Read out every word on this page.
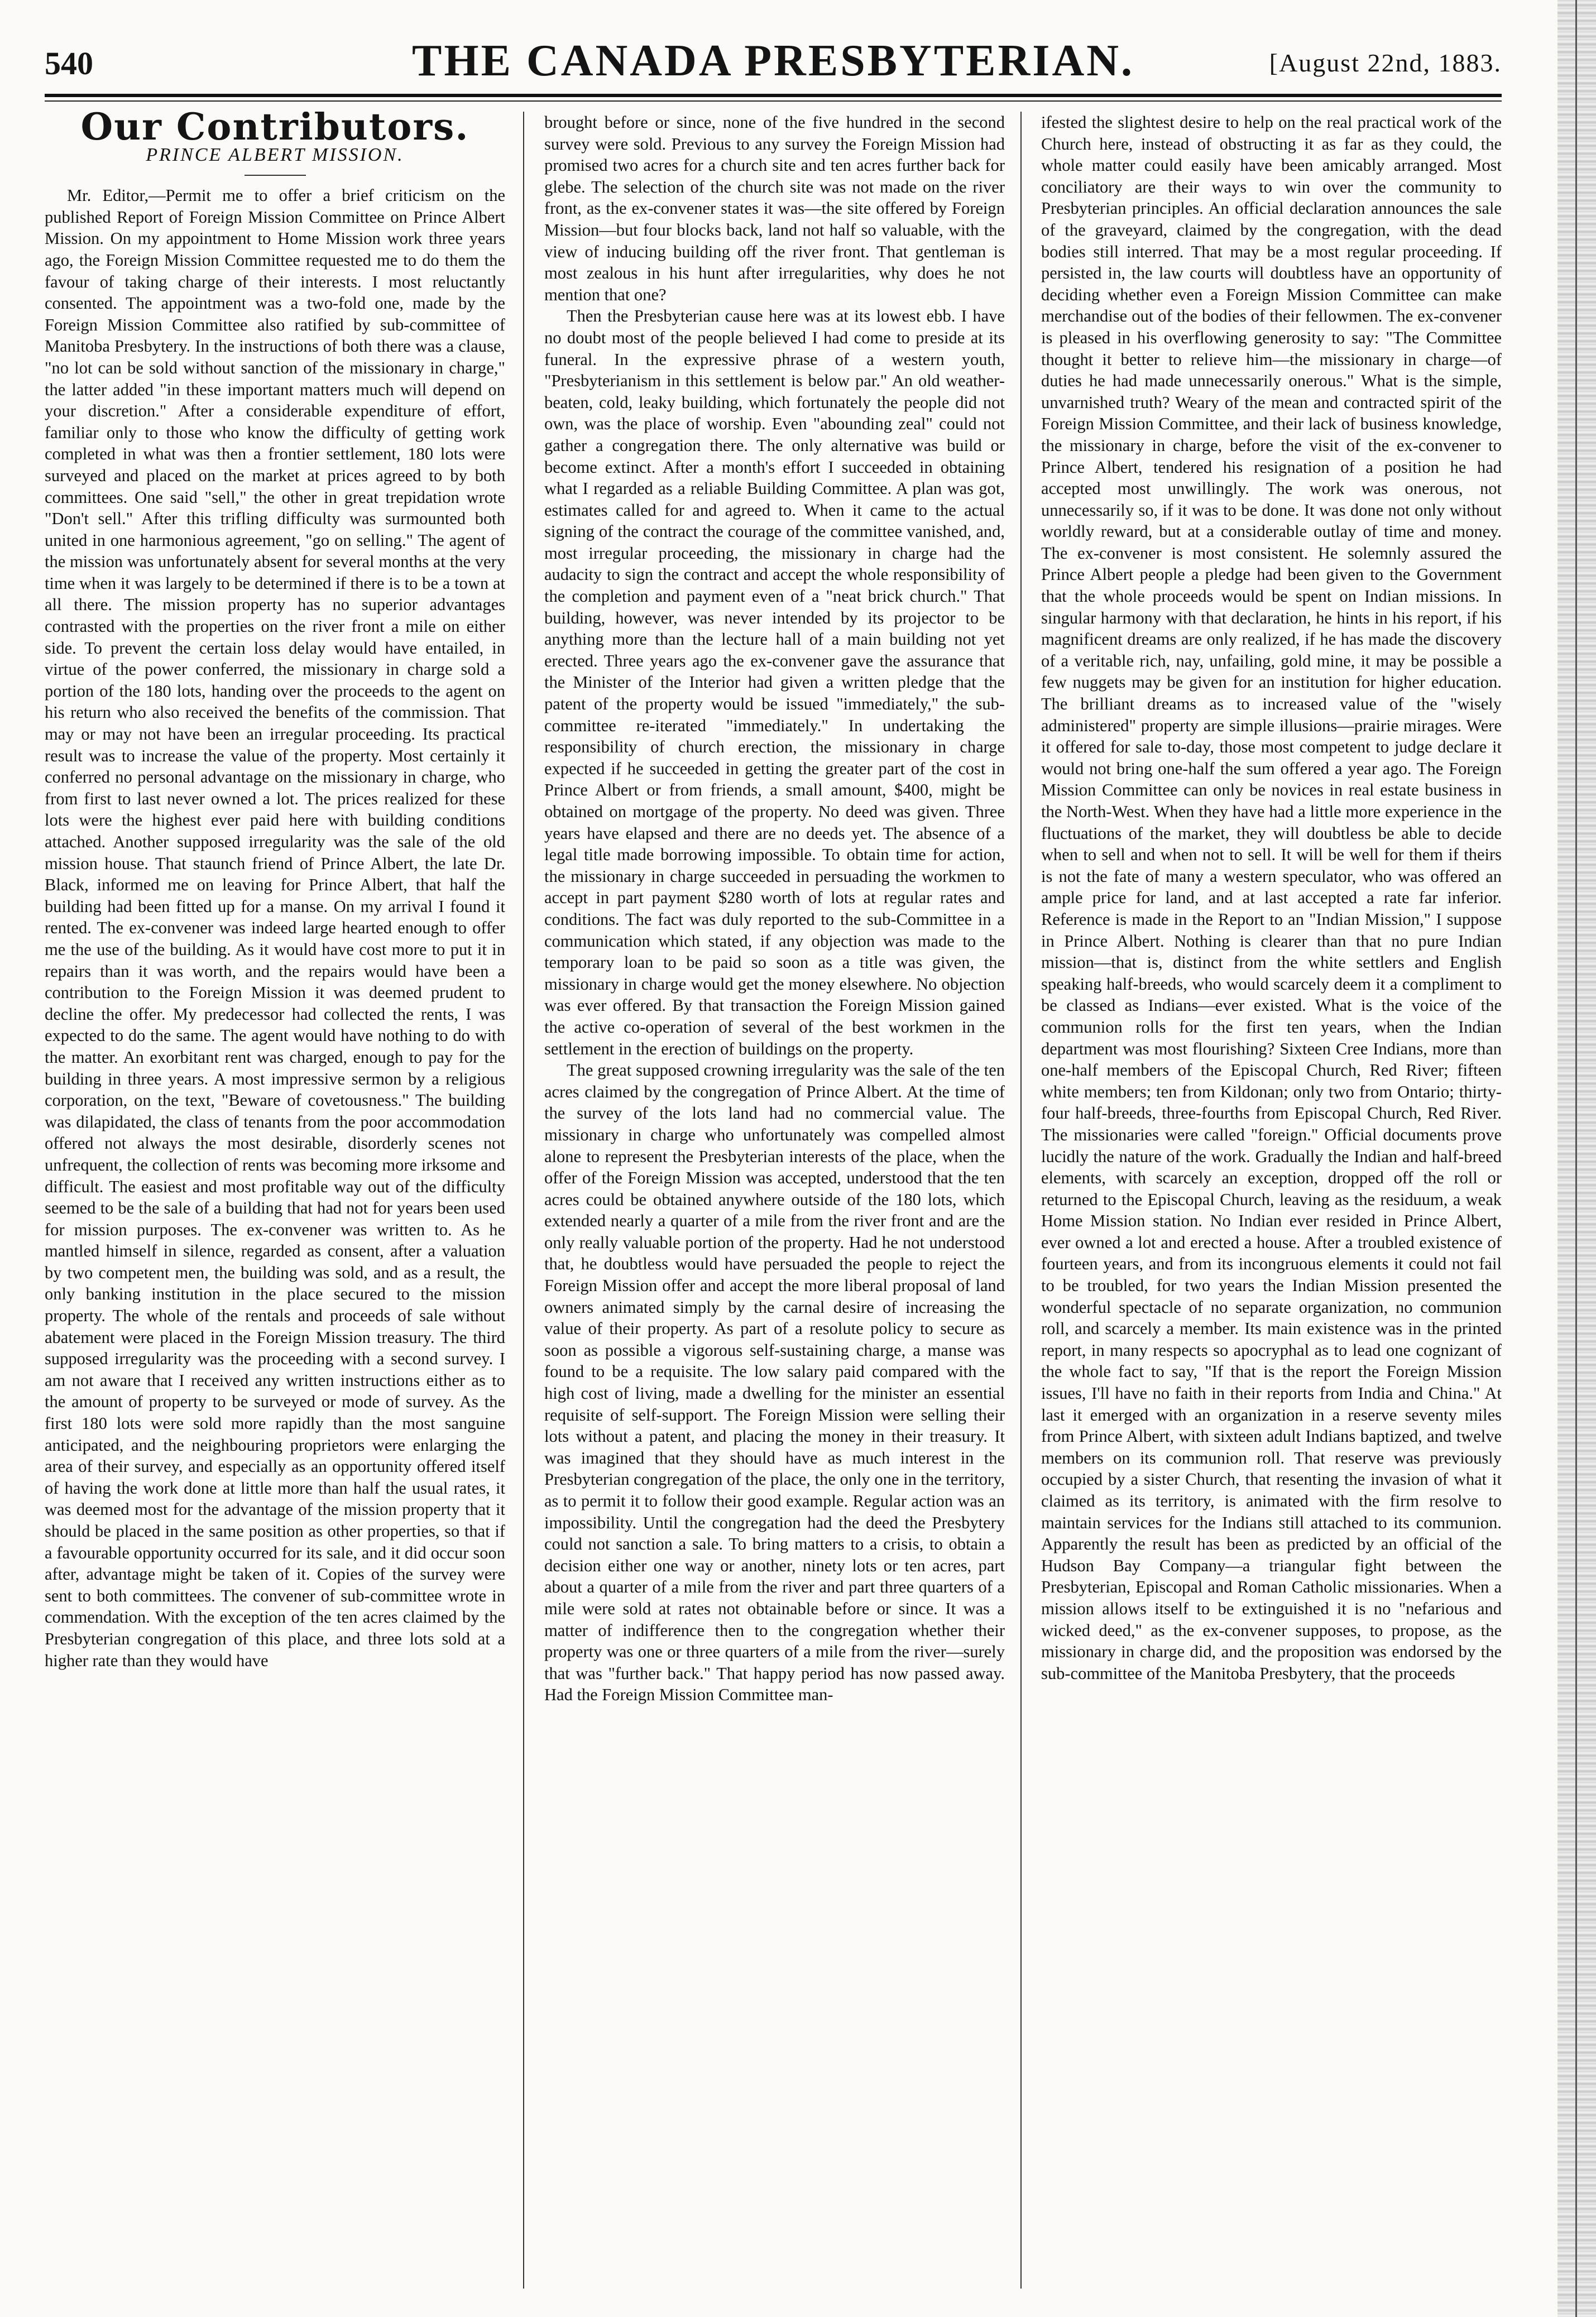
540	THE CANADA PRESBYTERIAN.	[August 22nd, 1883.
Our Contributors.
PRINCE ALBERT MISSION.

Mr. Editor,—Permit me to offer a brief criticism on the published Report of Foreign Mission Committee on Prince Albert Mission. On my appointment to Home Mission work three years ago, the Foreign Mission Committee requested me to do them the favour of taking charge of their interests. I most reluctantly consented. The appointment was a two-fold one, made by the Foreign Mission Committee also ratified by sub-committee of Manitoba Presbytery. In the instructions of both there was a clause, "no lot can be sold without sanction of the missionary in charge," the latter added "in these important matters much will depend on your discretion." After a considerable expenditure of effort, familiar only to those who know the difficulty of getting work completed in what was then a frontier settlement, 180 lots were surveyed and placed on the market at prices agreed to by both committees. One said "sell," the other in great trepidation wrote "Don't sell." After this trifling difficulty was surmounted both united in one harmonious agreement, "go on selling." The agent of the mission was unfortunately absent for several months at the very time when it was largely to be determined if there is to be a town at all there. The mission property has no superior advantages contrasted with the properties on the river front a mile on either side. To prevent the certain loss delay would have entailed, in virtue of the power conferred, the missionary in charge sold a portion of the 180 lots, handing over the proceeds to the agent on his return who also received the benefits of the commission. That may or may not have been an irregular proceeding. Its practical result was to increase the value of the property. Most certainly it conferred no personal advantage on the missionary in charge, who from first to last never owned a lot. The prices realized for these lots were the highest ever paid here with building conditions attached. Another supposed irregularity was the sale of the old mission house. That staunch friend of Prince Albert, the late Dr. Black, informed me on leaving for Prince Albert, that half the building had been fitted up for a manse. On my arrival I found it rented. The ex-convener was indeed large hearted enough to offer me the use of the building. As it would have cost more to put it in repairs than it was worth, and the repairs would have been a contribution to the Foreign Mission it was deemed prudent to decline the offer. My predecessor had collected the rents, I was expected to do the same. The agent would have nothing to do with the matter. An exorbitant rent was charged, enough to pay for the building in three years. A most impressive sermon by a religious corporation, on the text, "Beware of covetousness." The building was dilapidated, the class of tenants from the poor accommodation offered not always the most desirable, disorderly scenes not unfrequent, the collection of rents was becoming more irksome and difficult. The easiest and most profitable way out of the difficulty seemed to be the sale of a building that had not for years been used for mission purposes. The ex-convener was written to. As he mantled himself in silence, regarded as consent, after a valuation by two competent men, the building was sold, and as a result, the only banking institution in the place secured to the mission property. The whole of the rentals and proceeds of sale without abatement were placed in the Foreign Mission treasury. The third supposed irregularity was the proceeding with a second survey. I am not aware that I received any written instructions either as to the amount of property to be surveyed or mode of survey. As the first 180 lots were sold more rapidly than the most sanguine anticipated, and the neighbouring proprietors were enlarging the area of their survey, and especially as an opportunity offered itself of having the work done at little more than half the usual rates, it was deemed most for the advantage of the mission property that it should be placed in the same position as other properties, so that if a favourable opportunity occurred for its sale, and it did occur soon after, advantage might be taken of it. Copies of the survey were sent to both committees. The convener of sub-committee wrote in commendation. With the exception of the ten acres claimed by the Presbyterian congregation of this place, and three lots sold at a higher rate than they would have

brought before or since, none of the five hundred in the second survey were sold. Previous to any survey the Foreign Mission had promised two acres for a church site and ten acres further back for glebe. The selection of the church site was not made on the river front, as the ex-convener states it was—the site offered by Foreign Mission—but four blocks back, land not half so valuable, with the view of inducing building off the river front. That gentleman is most zealous in his hunt after irregularities, why does he not mention that one?

Then the Presbyterian cause here was at its lowest ebb. I have no doubt most of the people believed I had come to preside at its funeral. In the expressive phrase of a western youth, "Presbyterianism in this settlement is below par." An old weather-beaten, cold, leaky building, which fortunately the people did not own, was the place of worship. Even "abounding zeal" could not gather a congregation there. The only alternative was build or become extinct. After a month's effort I succeeded in obtaining what I regarded as a reliable Building Committee. A plan was got, estimates called for and agreed to. When it came to the actual signing of the contract the courage of the committee vanished, and, most irregular proceeding, the missionary in charge had the audacity to sign the contract and accept the whole responsibility of the completion and payment even of a "neat brick church." That building, however, was never intended by its projector to be anything more than the lecture hall of a main building not yet erected. Three years ago the ex-convener gave the assurance that the Minister of the Interior had given a written pledge that the patent of the property would be issued "immediately," the sub-committee re-iterated "immediately." In undertaking the responsibility of church erection, the missionary in charge expected if he succeeded in getting the greater part of the cost in Prince Albert or from friends, a small amount, $400, might be obtained on mortgage of the property. No deed was given. Three years have elapsed and there are no deeds yet. The absence of a legal title made borrowing impossible. To obtain time for action, the missionary in charge succeeded in persuading the workmen to accept in part payment $280 worth of lots at regular rates and conditions. The fact was duly reported to the sub-Committee in a communication which stated, if any objection was made to the temporary loan to be paid so soon as a title was given, the missionary in charge would get the money elsewhere. No objection was ever offered. By that transaction the Foreign Mission gained the active co-operation of several of the best workmen in the settlement in the erection of buildings on the property.

The great supposed crowning irregularity was the sale of the ten acres claimed by the congregation of Prince Albert. At the time of the survey of the lots land had no commercial value. The missionary in charge who unfortunately was compelled almost alone to represent the Presbyterian interests of the place, when the offer of the Foreign Mission was accepted, understood that the ten acres could be obtained anywhere outside of the 180 lots, which extended nearly a quarter of a mile from the river front and are the only really valuable portion of the property. Had he not understood that, he doubtless would have persuaded the people to reject the Foreign Mission offer and accept the more liberal proposal of land owners animated simply by the carnal desire of increasing the value of their property. As part of a resolute policy to secure as soon as possible a vigorous self-sustaining charge, a manse was found to be a requisite. The low salary paid compared with the high cost of living, made a dwelling for the minister an essential requisite of self-support. The Foreign Mission were selling their lots without a patent, and placing the money in their treasury. It was imagined that they should have as much interest in the Presbyterian congregation of the place, the only one in the territory, as to permit it to follow their good example. Regular action was an impossibility. Until the congregation had the deed the Presbytery could not sanction a sale. To bring matters to a crisis, to obtain a decision either one way or another, ninety lots or ten acres, part about a quarter of a mile from the river and part three quarters of a mile were sold at rates not obtainable before or since. It was a matter of indifference then to the congregation whether their property was one or three quarters of a mile from the river—surely that was "further back." That happy period has now passed away. Had the Foreign Mission Committee man-

ifested the slightest desire to help on the real practical work of the Church here, instead of obstructing it as far as they could, the whole matter could easily have been amicably arranged. Most conciliatory are their ways to win over the community to Presbyterian principles. An official declaration announces the sale of the graveyard, claimed by the congregation, with the dead bodies still interred. That may be a most regular proceeding. If persisted in, the law courts will doubtless have an opportunity of deciding whether even a Foreign Mission Committee can make merchandise out of the bodies of their fellowmen. The ex-convener is pleased in his overflowing generosity to say: "The Committee thought it better to relieve him—the missionary in charge—of duties he had made unnecessarily onerous." What is the simple, unvarnished truth? Weary of the mean and contracted spirit of the Foreign Mission Committee, and their lack of business knowledge, the missionary in charge, before the visit of the ex-convener to Prince Albert, tendered his resignation of a position he had accepted most unwillingly. The work was onerous, not unnecessarily so, if it was to be done. It was done not only without worldly reward, but at a considerable outlay of time and money. The ex-convener is most consistent. He solemnly assured the Prince Albert people a pledge had been given to the Government that the whole proceeds would be spent on Indian missions. In singular harmony with that declaration, he hints in his report, if his magnificent dreams are only realized, if he has made the discovery of a veritable rich, nay, unfailing, gold mine, it may be possible a few nuggets may be given for an institution for higher education. The brilliant dreams as to increased value of the "wisely administered" property are simple illusions—prairie mirages. Were it offered for sale to-day, those most competent to judge declare it would not bring one-half the sum offered a year ago. The Foreign Mission Committee can only be novices in real estate business in the North-West. When they have had a little more experience in the fluctuations of the market, they will doubtless be able to decide when to sell and when not to sell. It will be well for them if theirs is not the fate of many a western speculator, who was offered an ample price for land, and at last accepted a rate far inferior. Reference is made in the Report to an "Indian Mission," I suppose in Prince Albert. Nothing is clearer than that no pure Indian mission—that is, distinct from the white settlers and English speaking half-breeds, who would scarcely deem it a compliment to be classed as Indians—ever existed. What is the voice of the communion rolls for the first ten years, when the Indian department was most flourishing? Sixteen Cree Indians, more than one-half members of the Episcopal Church, Red River; fifteen white members; ten from Kildonan; only two from Ontario; thirty-four half-breeds, three-fourths from Episcopal Church, Red River. The missionaries were called "foreign." Official documents prove lucidly the nature of the work. Gradually the Indian and half-breed elements, with scarcely an exception, dropped off the roll or returned to the Episcopal Church, leaving as the residuum, a weak Home Mission station. No Indian ever resided in Prince Albert, ever owned a lot and erected a house. After a troubled existence of fourteen years, and from its incongruous elements it could not fail to be troubled, for two years the Indian Mission presented the wonderful spectacle of no separate organization, no communion roll, and scarcely a member. Its main existence was in the printed report, in many respects so apocryphal as to lead one cognizant of the whole fact to say, "If that is the report the Foreign Mission issues, I'll have no faith in their reports from India and China." At last it emerged with an organization in a reserve seventy miles from Prince Albert, with sixteen adult Indians baptized, and twelve members on its communion roll. That reserve was previously occupied by a sister Church, that resenting the invasion of what it claimed as its territory, is animated with the firm resolve to maintain services for the Indians still attached to its communion. Apparently the result has been as predicted by an official of the Hudson Bay Company—a triangular fight between the Presbyterian, Episcopal and Roman Catholic missionaries. When a mission allows itself to be extinguished it is no "nefarious and wicked deed," as the ex-convener supposes, to propose, as the missionary in charge did, and the proposition was endorsed by the sub-committee of the Manitoba Presbytery, that the proceeds
